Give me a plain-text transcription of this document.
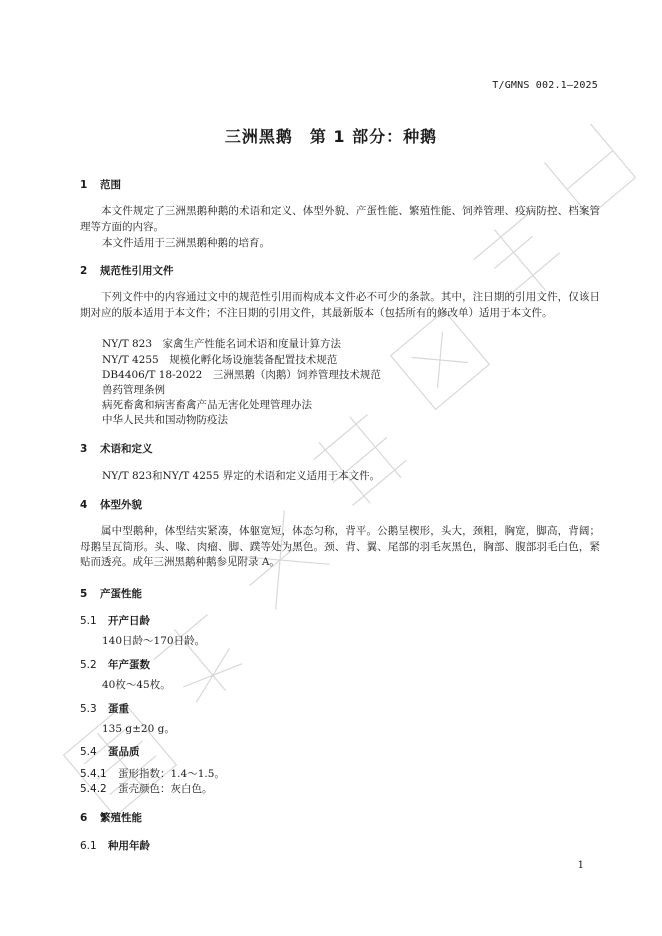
T/GMNS 002.1—2025
三洲黑鹅　第 1 部分：种鹅
1 范围
本文件规定了三洲黑鹅种鹅的术语和定义、体型外貌、产蛋性能、繁殖性能、饲养管理、疫病防控、档案管理等方面的内容。
本文件适用于三洲黑鹅种鹅的培育。
2 规范性引用文件
下列文件中的内容通过文中的规范性引用而构成本文件必不可少的条款。其中，注日期的引用文件，仅该日期对应的版本适用于本文件；不注日期的引用文件，其最新版本（包括所有的修改单）适用于本文件。
NY/T 823　家禽生产性能名词术语和度量计算方法
NY/T 4255　规模化孵化场设施装备配置技术规范
DB4406/T 18-2022　三洲黑鹅（肉鹅）饲养管理技术规范
兽药管理条例
病死畜禽和病害畜禽产品无害化处理管理办法
中华人民共和国动物防疫法
3 术语和定义
NY/T 823和NY/T 4255 界定的术语和定义适用于本文件。
4 体型外貌
属中型鹅种，体型结实紧凑，体躯宽短，体态匀称，背平。公鹅呈楔形，头大，颈粗，胸宽，脚高，背阔；母鹅呈瓦筒形。头、喙、肉瘤、脚、蹼等处为黑色。颈、背、翼、尾部的羽毛灰黑色，胸部、腹部羽毛白色，紧贴而透亮。成年三洲黑鹅种鹅参见附录 A。
5 产蛋性能
5.1 开产日龄
140日龄～170日龄。
5.2 年产蛋数
40枚～45枚。
5.3 蛋重
135 g±20 g。
5.4 蛋品质
5.4.1 蛋形指数：1.4～1.5。
5.4.2 蛋壳颜色：灰白色。
6 繁殖性能
6.1 种用年龄
1
